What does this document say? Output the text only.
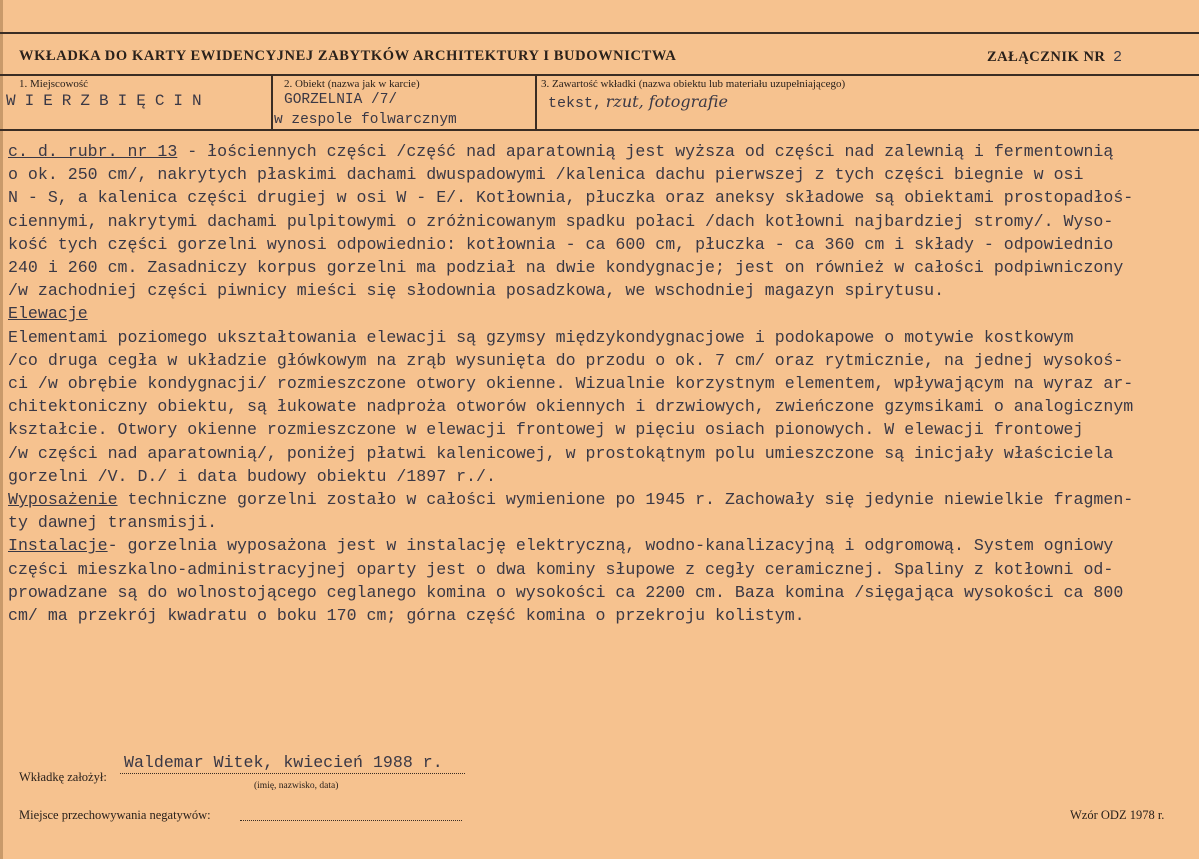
WKŁADKA DO KARTY EWIDENCYJNEJ ZABYTKÓW ARCHITEKTURY I BUDOWNICTWA	ZAŁĄCZNIK NR 2
1. Miejscowość
WIERZBIĘCIN
2. Obiekt (nazwa jak w karcie)
GORZELNIA /7/
w zespole folwarcznym
3. Zawartość wkładki (nazwa obiektu lub materiału uzupełniającego)
tekst, rzut, fotografie
c. d. rubr. nr 13 - łościennych części /część nad aparatownią jest wyższa od części nad zalewnią i fermentownią
o ok. 250 cm/, nakrytych płaskimi dachami dwuspadowymi /kalenica dachu pierwszej z tych części biegnie w osi
N - S, a kalenica części drugiej w osi W - E/. Kotłownia, płuczka oraz aneksy składowe są obiektami prostopadłoś-
ciennymi, nakrytymi dachami pulpitowymi o zróżnicowanym spadku połaci /dach kotłowni najbardziej stromy/. Wyso-
kość tych części gorzelni wynosi odpowiednio: kotłownia - ca 600 cm, płuczka - ca 360 cm i składy - odpowiednio
240 i 260 cm. Zasadniczy korpus gorzelni ma podział na dwie kondygnacje; jest on również w całości podpiwniczony
/w zachodniej części piwnicy mieści się słodownia posadzkowa, we wschodniej magazyn spirytusu.
Elewacje
Elementami poziomego ukształtowania elewacji są gzymsy międzykondygnacjowe i podokapowe o motywie kostkowym
/co druga cegła w układzie główkowym na zrąb wysunięta do przodu o ok. 7 cm/ oraz rytmicznie, na jednej wysokoś-
ci /w obrębie kondygnacji/ rozmieszczone otwory okienne. Wizualnie korzystnym elementem, wpływającym na wyraz ar-
chitektoniczny obiektu, są łukowate nadproża otworów okiennych i drzwiowych, zwieńczone gzymsikami o analogicznym
kształcie. Otwory okienne rozmieszczone w elewacji frontowej w pięciu osiach pionowych. W elewacji frontowej
/w części nad aparatownią/, poniżej płatwi kalenicowej, w prostokątnym polu umieszczone są inicjały właściciela
gorzelni /V. D./ i data budowy obiektu /1897 r./.
Wyposażenie techniczne gorzelni zostało w całości wymienione po 1945 r. Zachowały się jedynie niewielkie fragmen-
ty dawnej transmisji.
Instalacje- gorzelnia wyposażona jest w instalację elektryczną, wodno-kanalizacyjną i odgromową. System ogniowy
części mieszkalno-administracyjnej oparty jest o dwa kominy słupowe z cegły ceramicznej. Spaliny z kotłowni od-
prowadzane są do wolnostojącego ceglanego komina o wysokości ca 2200 cm. Baza komina /sięgająca wysokości ca 800
cm/ ma przekrój kwadratu o boku 170 cm; górna część komina o przekroju kolistym.
Wkładkę założył:
Waldemar Witek, kwiecień 1988 r.
(imię, nazwisko, data)
Miejsce przechowywania negatywów:	Wzór ODZ 1978 r.
